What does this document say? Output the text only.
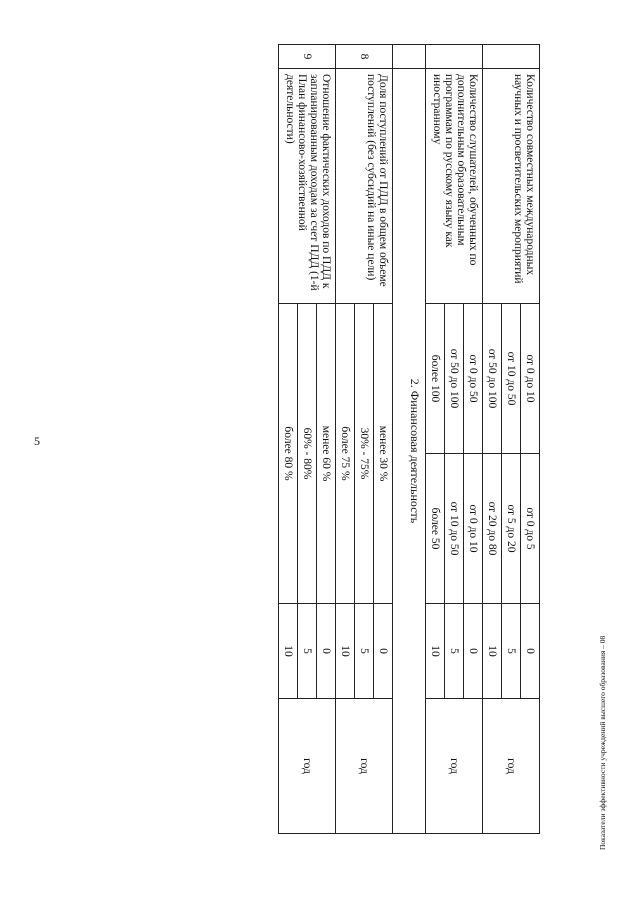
5
Показатели эффективности учреждений высшего образования – 08
	Количество совместных международных научных и просветительских мероприятий	от 0 до 10	от 0 до 5	0	год
		от 10 до 50	от 5 до 20	5	
		от 50 до 100	от 20 до 80	10	
	Количество слушателей, обученных по дополнительным образовательным программам по русскому языку как иностранному	от 0 до 50	от 0 до 10	0	год
		от 50 до 100	от 10 до 50	5	
		более 100	более 50	10	
	2. Финансовая деятельность				
8	Доля поступлений от ПДД в общем объеме поступлений (без субсидий на иные цели)	менее 30 %		0	год
		30% - 75%		5	
		более 75 %		10	
9	Отношение фактических доходов по ПДД к запланированным доходам за счет ПДД (1-й План финансово-хозяйственной деятельности)	менее 60 %		0	год
		60% - 80%		5	
		более 80 %		10	
